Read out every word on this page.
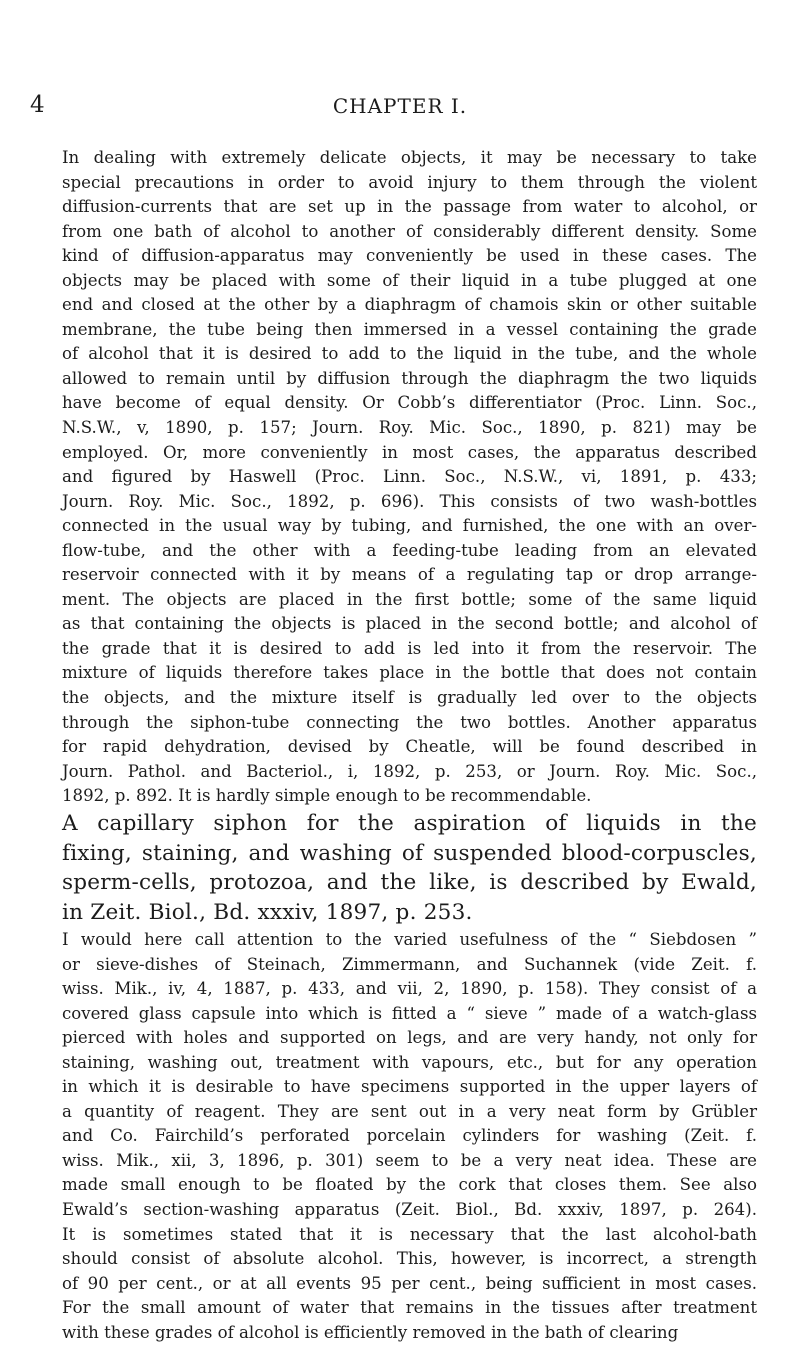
4	CHAPTER I.
In dealing with extremely delicate objects, it may be necessary to take
special precautions in order to avoid injury to them through the violent
diffusion-currents that are set up in the passage from water to alcohol, or
from one bath of alcohol to another of considerably different density. Some
kind of diffusion-apparatus may conveniently be used in these cases. The
objects may be placed with some of their liquid in a tube plugged at one
end and closed at the other by a diaphragm of chamois skin or other suitable
membrane, the tube being then immersed in a vessel containing the grade
of alcohol that it is desired to add to the liquid in the tube, and the whole
allowed to remain until by diffusion through the diaphragm the two liquids
have become of equal density. Or Cobb’s differentiator (Proc. Linn. Soc.,
N.S.W., v, 1890, p. 157; Journ. Roy. Mic. Soc., 1890, p. 821) may be
employed. Or, more conveniently in most cases, the apparatus described
and figured by Haswell (Proc. Linn. Soc., N.S.W., vi, 1891, p. 433;
Journ. Roy. Mic. Soc., 1892, p. 696). This consists of two wash-bottles
connected in the usual way by tubing, and furnished, the one with an over-
flow-tube, and the other with a feeding-tube leading from an elevated
reservoir connected with it by means of a regulating tap or drop arrange-
ment. The objects are placed in the first bottle; some of the same liquid
as that containing the objects is placed in the second bottle; and alcohol of
the grade that it is desired to add is led into it from the reservoir. The
mixture of liquids therefore takes place in the bottle that does not contain
the objects, and the mixture itself is gradually led over to the objects
through the siphon-tube connecting the two bottles. Another apparatus
for rapid dehydration, devised by Cheatle, will be found described in
Journ. Pathol. and Bacteriol., i, 1892, p. 253, or Journ. Roy. Mic. Soc.,
1892, p. 892. It is hardly simple enough to be recommendable.
A capillary siphon for the aspiration of liquids in the
fixing, staining, and washing of suspended blood-corpuscles,
sperm-cells, protozoa, and the like, is described by Ewald,
in Zeit. Biol., Bd. xxxiv, 1897, p. 253.
I would here call attention to the varied usefulness of the “ Siebdosen ”
or sieve-dishes of Steinach, Zimmermann, and Suchannek (vide Zeit. f.
wiss. Mik., iv, 4, 1887, p. 433, and vii, 2, 1890, p. 158). They consist of a
covered glass capsule into which is fitted a “ sieve ” made of a watch-glass
pierced with holes and supported on legs, and are very handy, not only for
staining, washing out, treatment with vapours, etc., but for any operation
in which it is desirable to have specimens supported in the upper layers of
a quantity of reagent. They are sent out in a very neat form by Grübler
and Co. Fairchild’s perforated porcelain cylinders for washing (Zeit. f.
wiss. Mik., xii, 3, 1896, p. 301) seem to be a very neat idea. These are
made small enough to be floated by the cork that closes them. See also
Ewald’s section-washing apparatus (Zeit. Biol., Bd. xxxiv, 1897, p. 264).
It is sometimes stated that it is necessary that the last alcohol-bath
should consist of absolute alcohol. This, however, is incorrect, a strength
of 90 per cent., or at all events 95 per cent., being sufficient in most cases.
For the small amount of water that remains in the tissues after treatment
with these grades of alcohol is efficiently removed in the bath of clearing
